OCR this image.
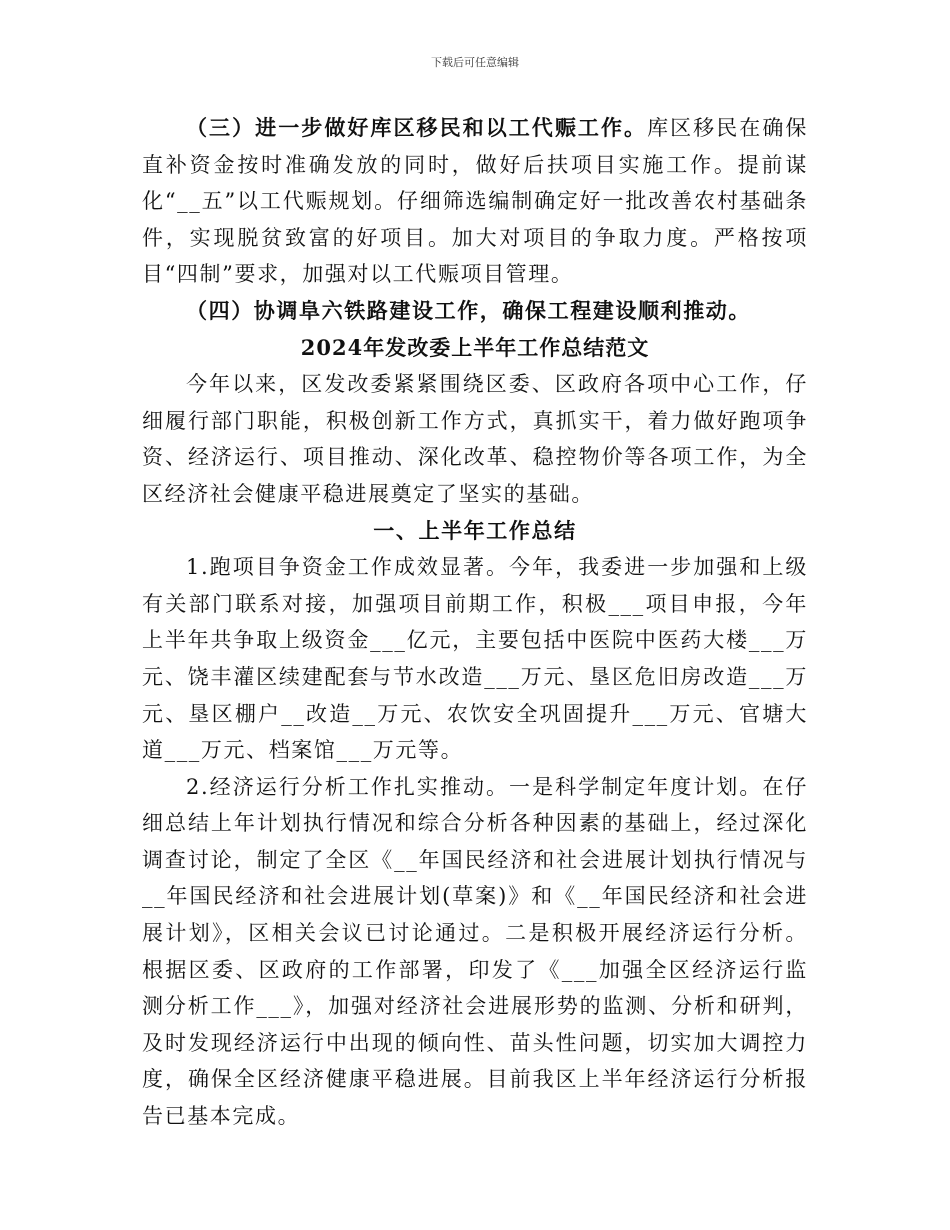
下载后可任意编辑

（三）进一步做好库区移民和以工代赈工作。库区移民在确保直补资金按时准确发放的同时，做好后扶项目实施工作。提前谋化“__五”以工代赈规划。仔细筛选编制确定好一批改善农村基础条件，实现脱贫致富的好项目。加大对项目的争取力度。严格按项目“四制”要求，加强对以工代赈项目管理。

（四）协调阜六铁路建设工作，确保工程建设顺利推动。

2024年发改委上半年工作总结范文

今年以来，区发改委紧紧围绕区委、区政府各项中心工作，仔细履行部门职能，积极创新工作方式，真抓实干，着力做好跑项争资、经济运行、项目推动、深化改革、稳控物价等各项工作，为全区经济社会健康平稳进展奠定了坚实的基础。

一、上半年工作总结

1.跑项目争资金工作成效显著。今年，我委进一步加强和上级有关部门联系对接，加强项目前期工作，积极___项目申报，今年上半年共争取上级资金___亿元，主要包括中医院中医药大楼___万元、饶丰灌区续建配套与节水改造___万元、垦区危旧房改造___万元、垦区棚户__改造__万元、农饮安全巩固提升___万元、官塘大道___万元、档案馆___万元等。

2.经济运行分析工作扎实推动。一是科学制定年度计划。在仔细总结上年计划执行情况和综合分析各种因素的基础上，经过深化调查讨论，制定了全区《__年国民经济和社会进展计划执行情况与__年国民经济和社会进展计划(草案)》和《__年国民经济和社会进展计划》，区相关会议已讨论通过。二是积极开展经济运行分析。根据区委、区政府的工作部署，印发了《___加强全区经济运行监测分析工作___》，加强对经济社会进展形势的监测、分析和研判，及时发现经济运行中出现的倾向性、苗头性问题，切实加大调控力度，确保全区经济健康平稳进展。目前我区上半年经济运行分析报告已基本完成。
